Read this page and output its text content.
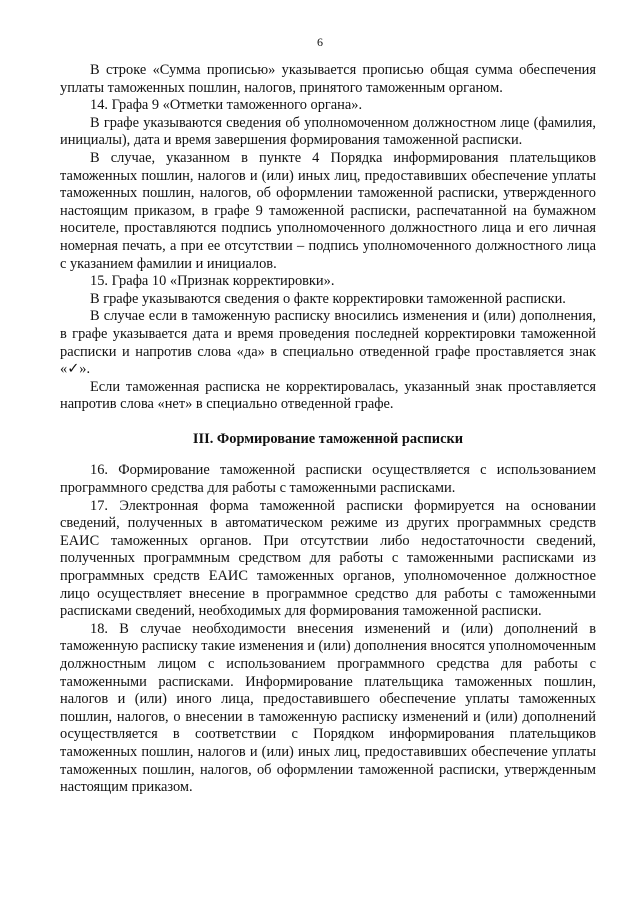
6

В строке «Сумма прописью» указывается прописью общая сумма обеспечения уплаты таможенных пошлин, налогов, принятого таможенным органом.

14. Графа 9 «Отметки таможенного органа».

В графе указываются сведения об уполномоченном должностном лице (фамилия, инициалы), дата и время завершения формирования таможенной расписки.

В случае, указанном в пункте 4 Порядка информирования плательщиков таможенных пошлин, налогов и (или) иных лиц, предоставивших обеспечение уплаты таможенных пошлин, налогов, об оформлении таможенной расписки, утвержденного настоящим приказом, в графе 9 таможенной расписки, распечатанной на бумажном носителе, проставляются подпись уполномоченного должностного лица и его личная номерная печать, а при ее отсутствии – подпись уполномоченного должностного лица с указанием фамилии и инициалов.

15. Графа 10 «Признак корректировки».

В графе указываются сведения о факте корректировки таможенной расписки.

В случае если в таможенную расписку вносились изменения и (или) дополнения, в графе указывается дата и время проведения последней корректировки таможенной расписки и напротив слова «да» в специально отведенной графе проставляется знак «✓».

Если таможенная расписка не корректировалась, указанный знак проставляется напротив слова «нет» в специально отведенной графе.

III. Формирование таможенной расписки

16. Формирование таможенной расписки осуществляется с использованием программного средства для работы с таможенными расписками.

17. Электронная форма таможенной расписки формируется на основании сведений, полученных в автоматическом режиме из других программных средств ЕАИС таможенных органов. При отсутствии либо недостаточности сведений, полученных программным средством для работы с таможенными расписками из программных средств ЕАИС таможенных органов, уполномоченное должностное лицо осуществляет внесение в программное средство для работы с таможенными расписками сведений, необходимых для формирования таможенной расписки.

18. В случае необходимости внесения изменений и (или) дополнений в таможенную расписку такие изменения и (или) дополнения вносятся уполномоченным должностным лицом с использованием программного средства для работы с таможенными расписками. Информирование плательщика таможенных пошлин, налогов и (или) иного лица, предоставившего обеспечение уплаты таможенных пошлин, налогов, о внесении в таможенную расписку изменений и (или) дополнений осуществляется в соответствии с Порядком информирования плательщиков таможенных пошлин, налогов и (или) иных лиц, предоставивших обеспечение уплаты таможенных пошлин, налогов, об оформлении таможенной расписки, утвержденным настоящим приказом.
